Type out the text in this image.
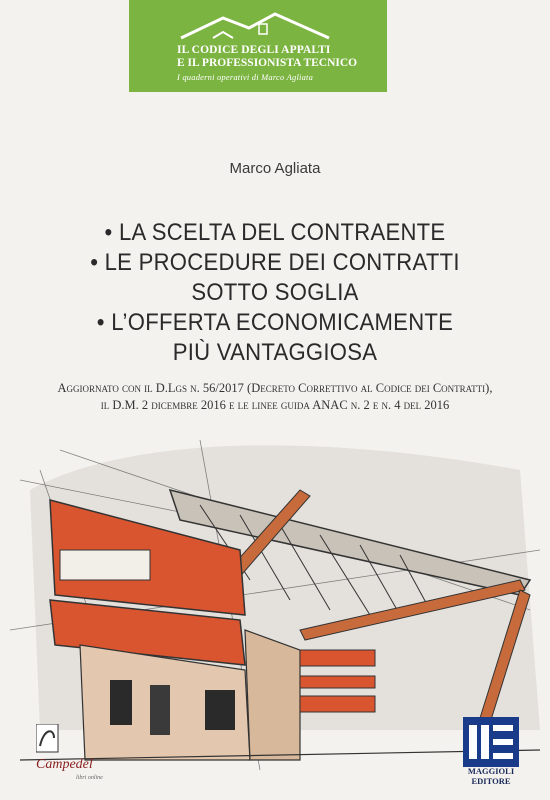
IL CODICE DEGLI APPALTI
E IL PROFESSIONISTA TECNICO
I quaderni operativi di Marco Agliata
Marco Agliata
• LA SCELTA DEL CONTRAENTE
• LE PROCEDURE DEI CONTRATTI
SOTTO SOGLIA
• L’OFFERTA ECONOMICAMENTE
PIÙ VANTAGGIOSA
Aggiornato con il D.Lgs n. 56/2017 (Decreto Correttivo al Codice dei Contratti),
il D.M. 2 dicembre 2016 e le linee guida ANAC n. 2 e n. 4 del 2016
Campedel
libri online
MAGGIOLI
EDITORE
